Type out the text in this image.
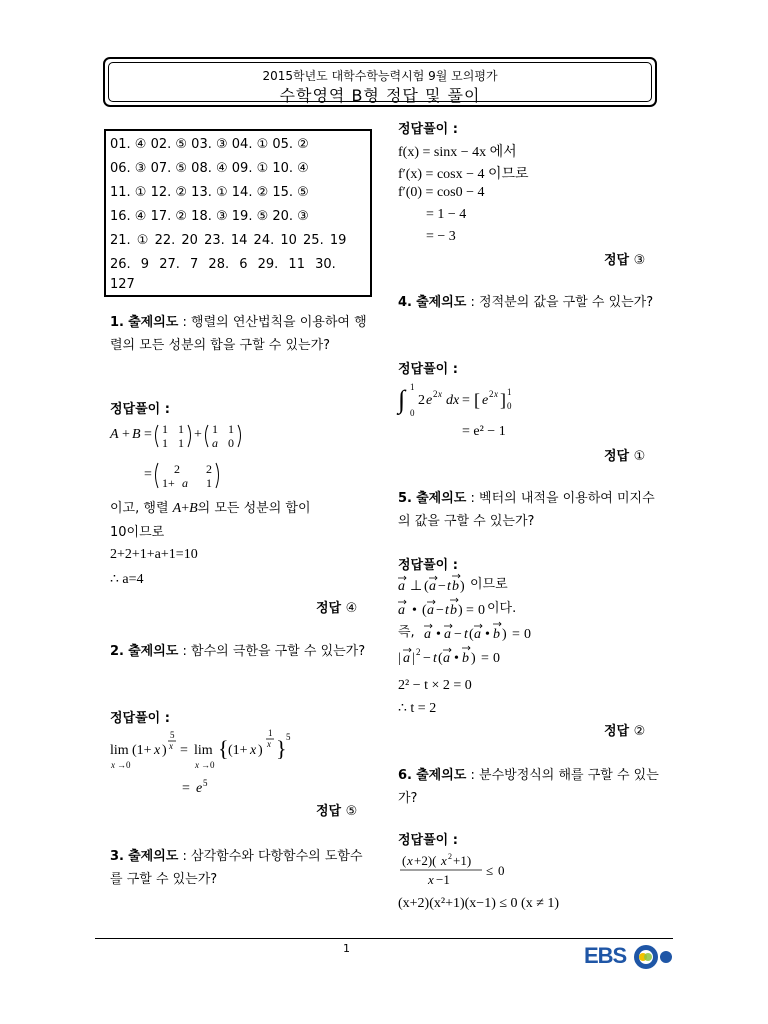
2015학년도 대학수학능력시험 9월 모의평가
수학영역 B형 정답 및 풀이
01. ④ 02. ⑤ 03. ③ 04. ① 05. ②
06. ③ 07. ⑤ 08. ④ 09. ① 10. ④
11. ① 12. ② 13. ① 14. ② 15. ⑤
16. ④ 17. ② 18. ③ 19. ⑤ 20. ③
21. ① 22. 20 23. 14 24. 10 25. 19
26. 9 27. 7 28. 6 29. 11 30.
127
1. 출제의도 : 행렬의 연산법칙을 이용하여 행렬의 모든 성분의 합을 구할 수 있는가?
정답풀이 :
A + B = 1 1
1 1
+ 1 1
a 0
= 2 2
1+ a 1
이고, 행렬 A+B의 모든 성분의 합이
10이므로
2+2+1+a+1=10
∴ a=4
정답 ④
2. 출제의도 : 함수의 극한을 구할 수 있는가?
정답풀이 :
lim
x →0
(1+ x )
5
x = lim
x →0
{ (1+ x )
1
x } 5
= e 5
정답 ⑤
3. 출제의도 : 삼각함수와 다항함수의 도함수를 구할 수 있는가?
정답풀이 :
f(x) = sinx − 4x 에서
f′(x) = cosx − 4 이므로
f′(0) = cos0 − 4
= 1 − 4
= − 3
정답 ③
4. 출제의도 : 정적분의 값을 구할 수 있는가?
정답풀이 :
∫ 1
0
2 e 2 x dx = [ e 2 x ] 1
0
= e² − 1
정답 ①
5. 출제의도 : 벡터의 내적을 이용하여 미지수의 값을 구할 수 있는가?
정답풀이 :
a ⊥ ( a − t b ) 이므로
a • ( a − t b ) = 0 이다.
즉, a • a − t ( a • b ) = 0
| a | 2 − t ( a • b ) = 0
2² − t × 2 = 0
∴ t = 2
정답 ②
6. 출제의도 : 분수방정식의 해를 구할 수 있는가?
정답풀이 :
( x +2)( x 2 +1)
x −1
≤ 0
(x+2)(x²+1)(x−1) ≤ 0 (x ≠ 1)
1	EBS
